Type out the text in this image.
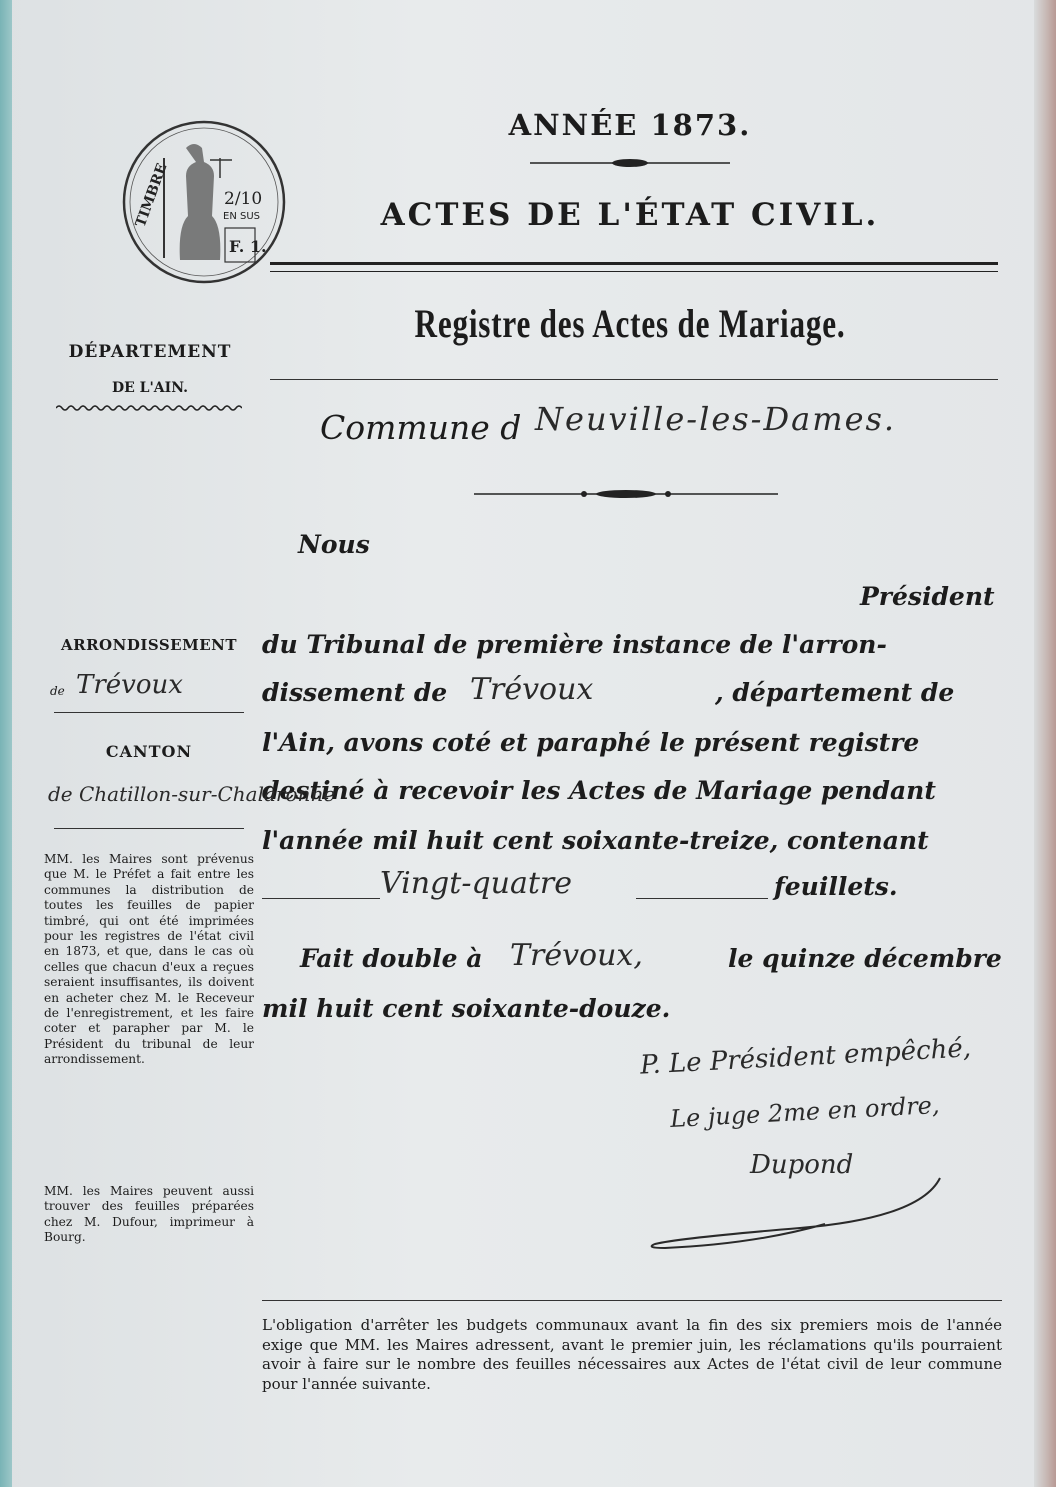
TIMBRE	2/10
EN SUS
F. 1.
ANNÉE 1873.
ACTES DE L'ÉTAT CIVIL.
Registre des Actes de Mariage.
DÉPARTEMENT
DE L'AIN.
Commune d Neuville-les-Dames.
Nous
Président
du Tribunal de première instance de l'arron-
dissement de Trévoux	, département de
l'Ain, avons coté et paraphé le présent registre
destiné à recevoir les Actes de Mariage pendant
l'année mil huit cent soixante-treize, contenant
Vingt-quatre	feuillets.
Fait double à Trévoux,	le quinze décembre
mil huit cent soixante-douze.
P. Le Président empêché,
Le juge 2me en ordre,
Dupond
ARRONDISSEMENT
de Trévoux
CANTON
de Chatillon-sur-Chalaronne
MM. les Maires sont prévenus que M. le Préfet a fait entre les communes la distribution de toutes les feuilles de papier timbré, qui ont été imprimées pour les registres de l'état civil en 1873, et que, dans le cas où celles que chacun d'eux a reçues seraient insuffisantes, ils doivent en acheter chez M. le Receveur de l'enregistrement, et les faire coter et parapher par M. le Président du tribunal de leur arrondissement.
MM. les Maires peuvent aussi trouver des feuilles préparées chez M. Dufour, imprimeur à Bourg.
L'obligation d'arrêter les budgets communaux avant la fin des six premiers mois de l'année exige que MM. les Maires adressent, avant le premier juin, les réclamations qu'ils pourraient avoir à faire sur le nombre des feuilles nécessaires aux Actes de l'état civil de leur commune pour l'année suivante.
